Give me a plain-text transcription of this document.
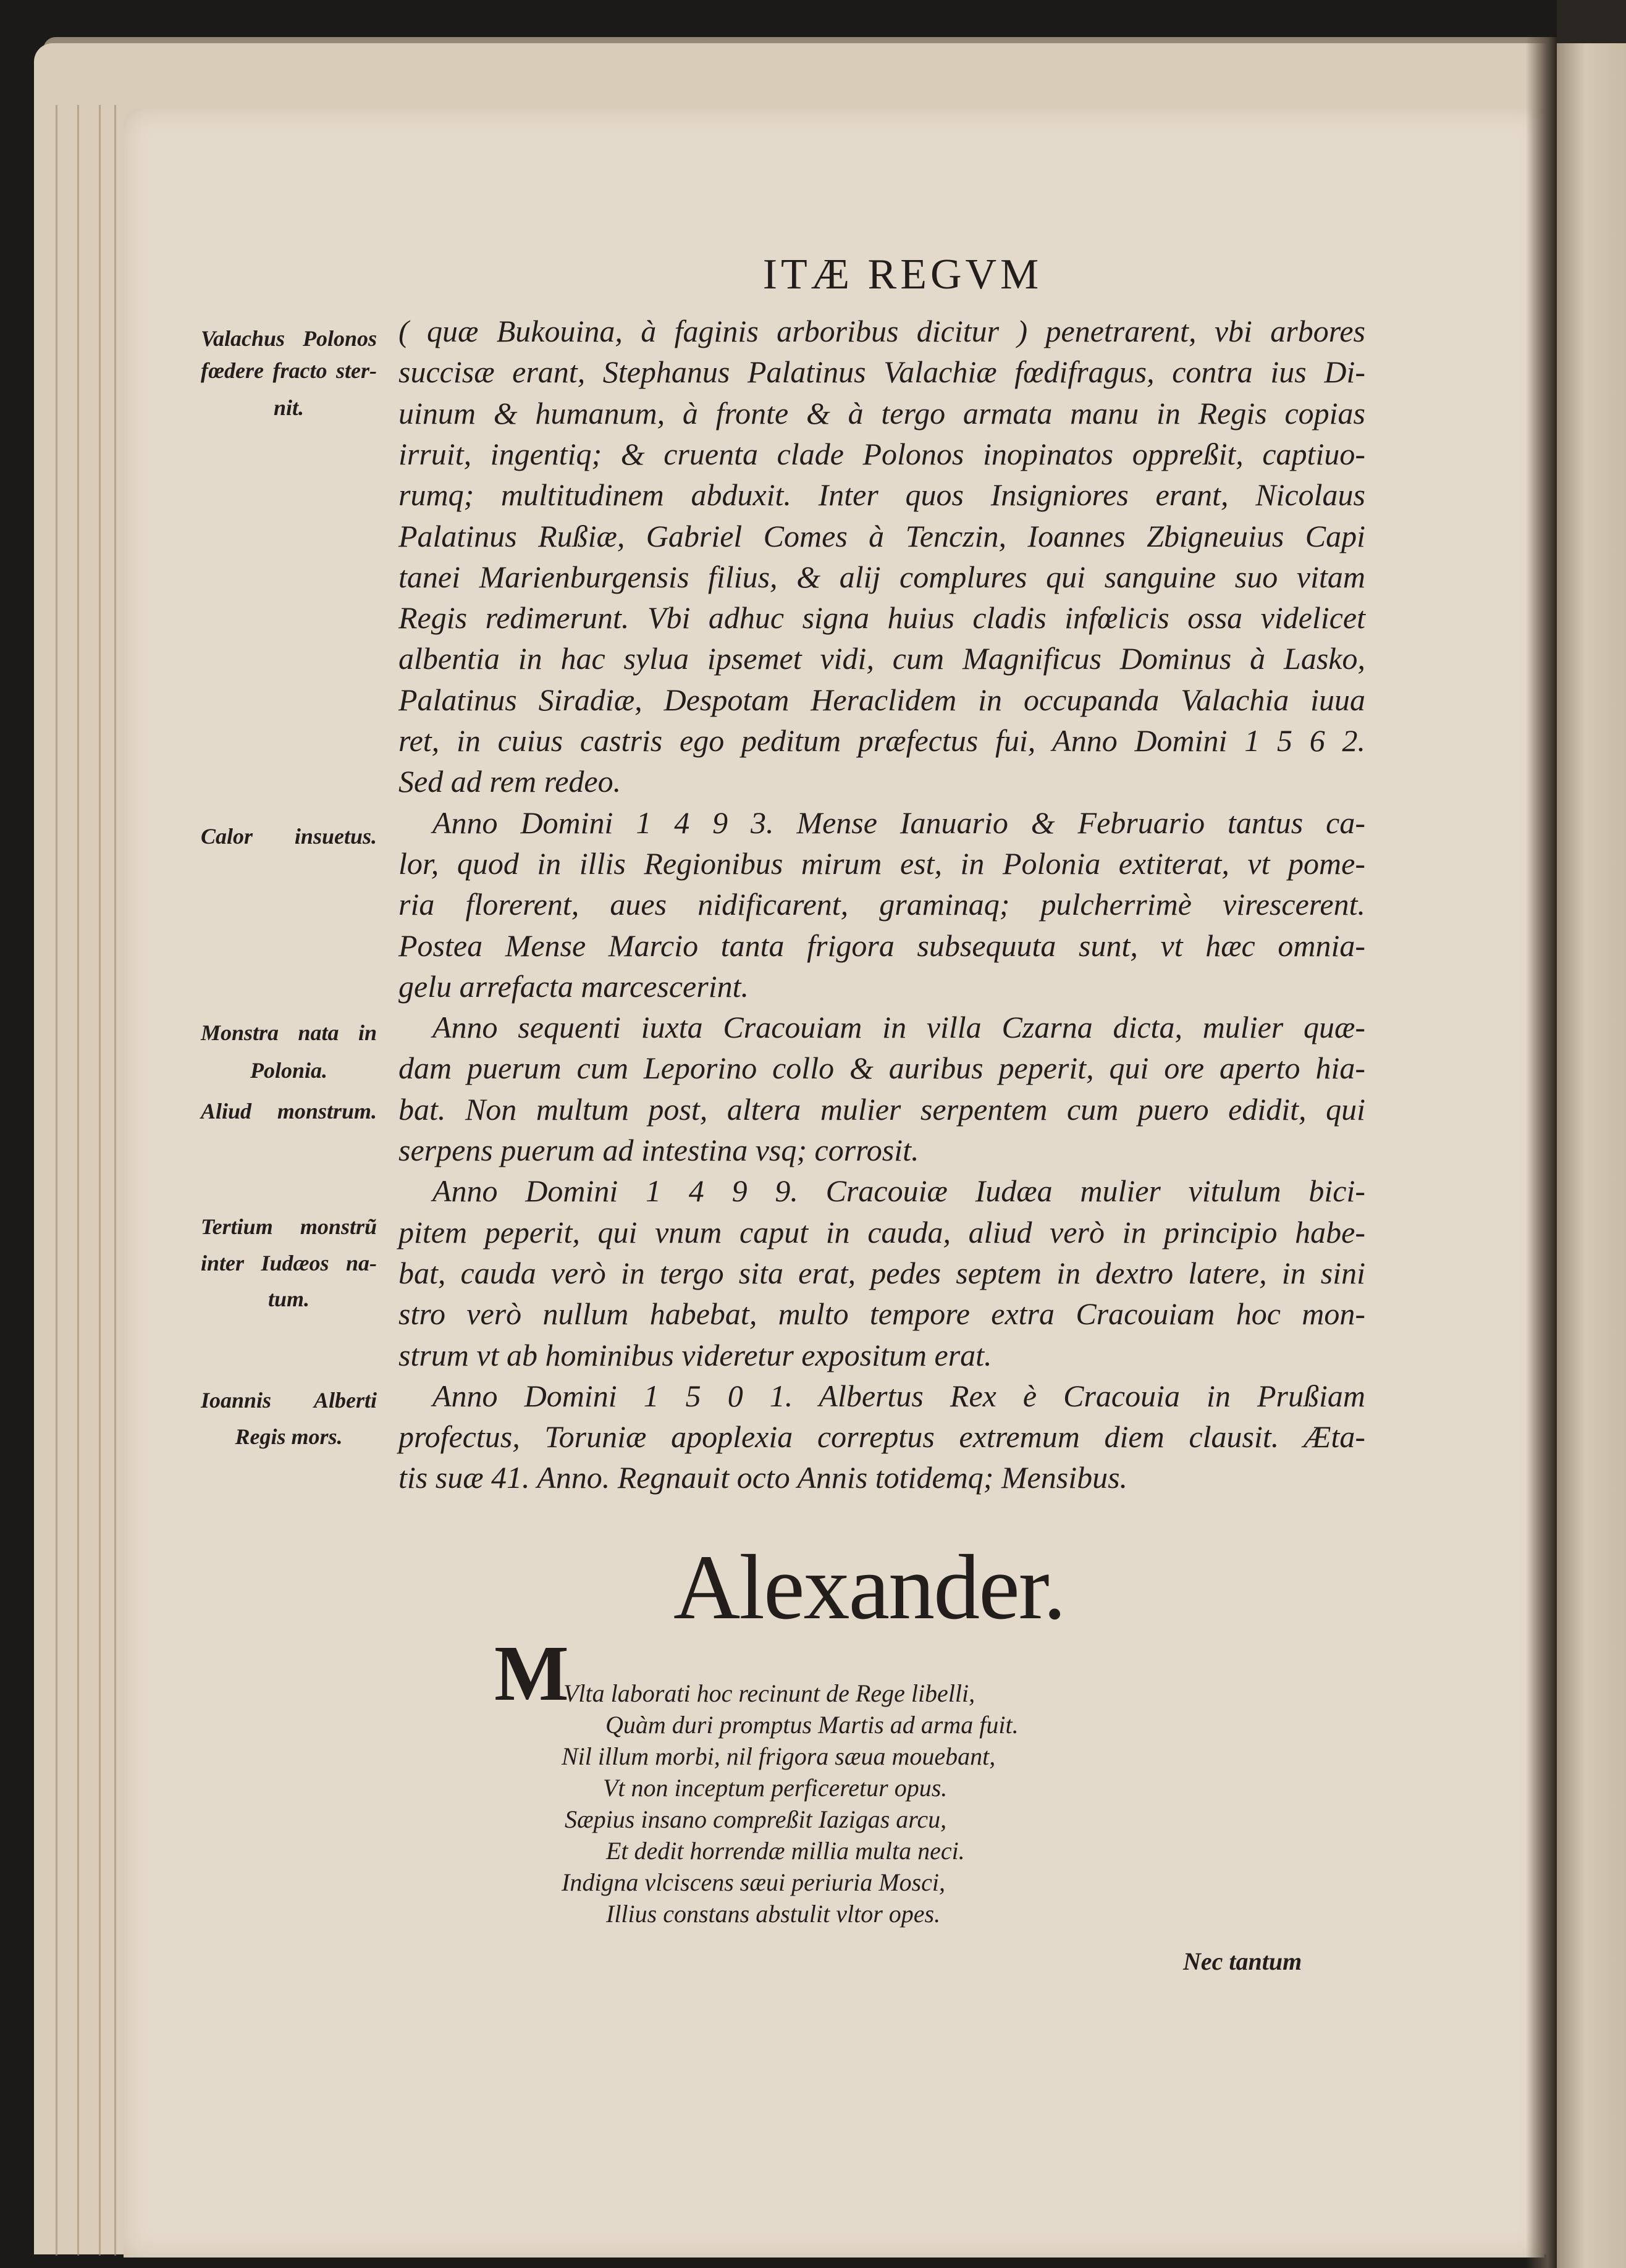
ITÆ REGVM
( quæ Bukouina, à faginis arboribus dicitur ) penetrarent, vbi arbores
succisæ erant, Stephanus Palatinus Valachiæ fœdifragus, contra ius Di-
uinum & humanum, à fronte & à tergo armata manu in Regis copias
irruit, ingentiq; & cruenta clade Polonos inopinatos oppreßit, captiuo-
rumq; multitudinem abduxit. Inter quos Insigniores erant, Nicolaus
Palatinus Rußiæ, Gabriel Comes à Tenczin, Ioannes Zbigneuius Capi
tanei Marienburgensis filius, & alij complures qui sanguine suo vitam
Regis redimerunt. Vbi adhuc signa huius cladis infœlicis ossa videlicet
albentia in hac sylua ipsemet vidi, cum Magnificus Dominus à Lasko,
Palatinus Siradiæ, Despotam Heraclidem in occupanda Valachia iuua
ret, in cuius castris ego peditum præfectus fui, Anno Domini 1 5 6 2.
Sed ad rem redeo.
Anno Domini 1 4 9 3. Mense Ianuario & Februario tantus ca-
lor, quod in illis Regionibus mirum est, in Polonia extiterat, vt pome-
ria florerent, aues nidificarent, graminaq; pulcherrimè virescerent.
Postea Mense Marcio tanta frigora subsequuta sunt, vt hæc omnia-
gelu arrefacta marcescerint.
Anno sequenti iuxta Cracouiam in villa Czarna dicta, mulier quæ-
dam puerum cum Leporino collo & auribus peperit, qui ore aperto hia-
bat. Non multum post, altera mulier serpentem cum puero edidit, qui
serpens puerum ad intestina vsq; corrosit.
Anno Domini 1 4 9 9. Cracouiæ Iudæa mulier vitulum bici-
pitem peperit, qui vnum caput in cauda, aliud verò in principio habe-
bat, cauda verò in tergo sita erat, pedes septem in dextro latere, in sini
stro verò nullum habebat, multo tempore extra Cracouiam hoc mon-
strum vt ab hominibus videretur expositum erat.
Anno Domini 1 5 0 1. Albertus Rex è Cracouia in Prußiam
profectus, Toruniæ apoplexia correptus extremum diem clausit. Æta-
tis suæ 41. Anno. Regnauit octo Annis totidemq; Mensibus.
Valachus Polonos
fœdere fracto ster-
nit.
Calor insuetus.
Monstra nata in
Polonia.
Aliud monstrum.
Tertium monstrũ
inter Iudæos na-
tum.
Ioannis Alberti
Regis mors.
Alexander.
M
Vlta laborati hoc recinunt de Rege libelli,
Quàm duri promptus Martis ad arma fuit.
Nil illum morbi, nil frigora sæua mouebant,
Vt non inceptum perficeretur opus.
Sæpius insano compreßit Iazigas arcu,
Et dedit horrendæ millia multa neci.
Indigna vlciscens sæui periuria Mosci,
Illius constans abstulit vltor opes.
Nec tantum
